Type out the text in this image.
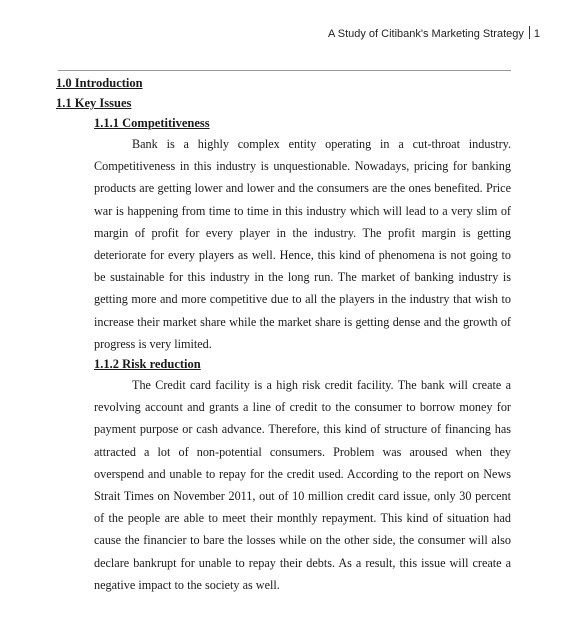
A Study of Citibank's Marketing Strategy 1
1.0 Introduction
1.1 Key Issues
1.1.1 Competitiveness

Bank is a highly complex entity operating in a cut-throat industry. Competitiveness in this industry is unquestionable. Nowadays, pricing for banking products are getting lower and lower and the consumers are the ones benefited. Price war is happening from time to time in this industry which will lead to a very slim of margin of profit for every player in the industry. The profit margin is getting deteriorate for every players as well. Hence, this kind of phenomena is not going to be sustainable for this industry in the long run. The market of banking industry is getting more and more competitive due to all the players in the industry that wish to increase their market share while the market share is getting dense and the growth of progress is very limited.

1.1.2 Risk reduction

The Credit card facility is a high risk credit facility. The bank will create a revolving account and grants a line of credit to the consumer to borrow money for payment purpose or cash advance. Therefore, this kind of structure of financing has attracted a lot of non-potential consumers. Problem was aroused when they overspend and unable to repay for the credit used. According to the report on News Strait Times on November 2011, out of 10 million credit card issue, only 30 percent of the people are able to meet their monthly repayment. This kind of situation had cause the financier to bare the losses while on the other side, the consumer will also declare bankrupt for unable to repay their debts. As a result, this issue will create a negative impact to the society as well.
